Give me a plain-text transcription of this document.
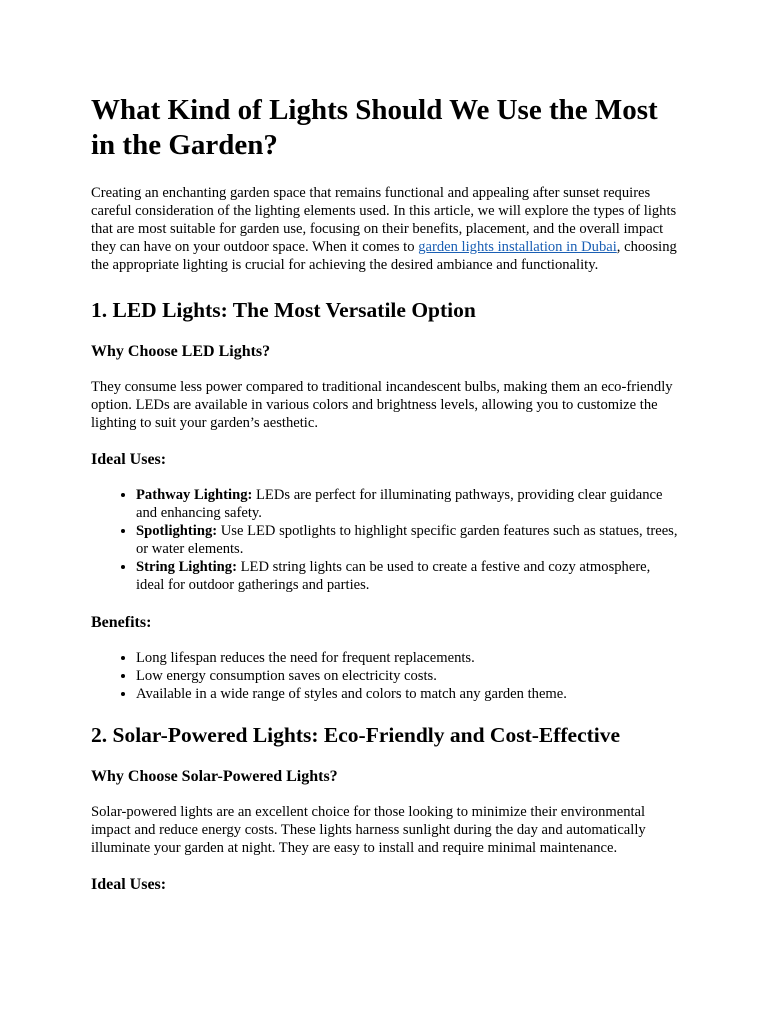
What Kind of Lights Should We Use the Most in the Garden?

Creating an enchanting garden space that remains functional and appealing after sunset requires careful consideration of the lighting elements used. In this article, we will explore the types of lights that are most suitable for garden use, focusing on their benefits, placement, and the overall impact they can have on your outdoor space. When it comes to garden lights installation in Dubai, choosing the appropriate lighting is crucial for achieving the desired ambiance and functionality.

1. LED Lights: The Most Versatile Option
Why Choose LED Lights?

They consume less power compared to traditional incandescent bulbs, making them an eco-friendly option. LEDs are available in various colors and brightness levels, allowing you to customize the lighting to suit your garden’s aesthetic.

Ideal Uses:
• Pathway Lighting: LEDs are perfect for illuminating pathways, providing clear guidance and enhancing safety.
• Spotlighting: Use LED spotlights to highlight specific garden features such as statues, trees, or water elements.
• String Lighting: LED string lights can be used to create a festive and cozy atmosphere, ideal for outdoor gatherings and parties.
Benefits:
• Long lifespan reduces the need for frequent replacements.
• Low energy consumption saves on electricity costs.
• Available in a wide range of styles and colors to match any garden theme.
2. Solar-Powered Lights: Eco-Friendly and Cost-Effective
Why Choose Solar-Powered Lights?

Solar-powered lights are an excellent choice for those looking to minimize their environmental impact and reduce energy costs. These lights harness sunlight during the day and automatically illuminate your garden at night. They are easy to install and require minimal maintenance.

Ideal Uses:
